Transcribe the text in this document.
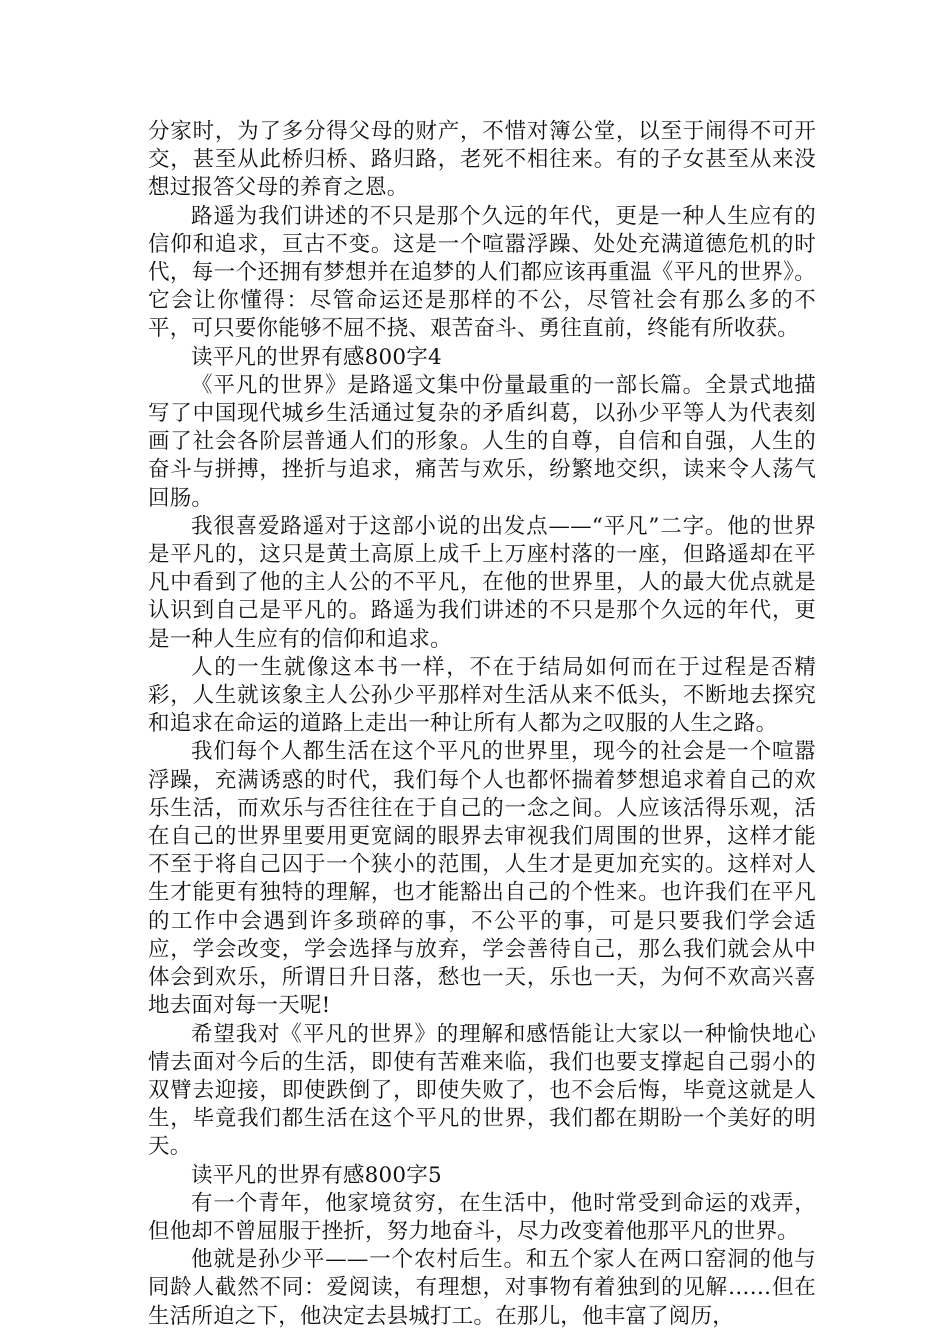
分家时，为了多分得父母的财产，不惜对簿公堂，以至于闹得不可开交，甚至从此桥归桥、路归路，老死不相往来。有的子女甚至从来没想过报答父母的养育之恩。

路遥为我们讲述的不只是那个久远的年代，更是一种人生应有的信仰和追求，亘古不变。这是一个喧嚣浮躁、处处充满道德危机的时代，每一个还拥有梦想并在追梦的人们都应该再重温《平凡的世界》。它会让你懂得：尽管命运还是那样的不公，尽管社会有那么多的不平，可只要你能够不屈不挠、艰苦奋斗、勇往直前，终能有所收获。

读平凡的世界有感800字4

《平凡的世界》是路遥文集中份量最重的一部长篇。全景式地描写了中国现代城乡生活通过复杂的矛盾纠葛，以孙少平等人为代表刻画了社会各阶层普通人们的形象。人生的自尊，自信和自强，人生的奋斗与拼搏，挫折与追求，痛苦与欢乐，纷繁地交织，读来令人荡气回肠。

我很喜爱路遥对于这部小说的出发点——“平凡”二字。他的世界是平凡的，这只是黄土高原上成千上万座村落的一座，但路遥却在平凡中看到了他的主人公的不平凡，在他的世界里，人的最大优点就是认识到自己是平凡的。路遥为我们讲述的不只是那个久远的年代，更是一种人生应有的信仰和追求。

人的一生就像这本书一样，不在于结局如何而在于过程是否精彩，人生就该象主人公孙少平那样对生活从来不低头，不断地去探究和追求在命运的道路上走出一种让所有人都为之叹服的人生之路。

我们每个人都生活在这个平凡的世界里，现今的社会是一个喧嚣浮躁，充满诱惑的时代，我们每个人也都怀揣着梦想追求着自己的欢乐生活，而欢乐与否往往在于自己的一念之间。人应该活得乐观，活在自己的世界里要用更宽阔的眼界去审视我们周围的世界，这样才能不至于将自己囚于一个狭小的范围，人生才是更加充实的。这样对人生才能更有独特的理解，也才能豁出自己的个性来。也许我们在平凡的工作中会遇到许多琐碎的事，不公平的事，可是只要我们学会适应，学会改变，学会选择与放弃，学会善待自己，那么我们就会从中体会到欢乐，所谓日升日落，愁也一天，乐也一天，为何不欢高兴喜地去面对每一天呢!

希望我对《平凡的世界》的理解和感悟能让大家以一种愉快地心情去面对今后的生活，即使有苦难来临，我们也要支撑起自己弱小的双臂去迎接，即使跌倒了，即使失败了，也不会后悔，毕竟这就是人生，毕竟我们都生活在这个平凡的世界，我们都在期盼一个美好的明天。

读平凡的世界有感800字5

有一个青年，他家境贫穷，在生活中，他时常受到命运的戏弄，但他却不曾屈服于挫折，努力地奋斗，尽力改变着他那平凡的世界。

他就是孙少平——一个农村后生。和五个家人在两口窑洞的他与同龄人截然不同：爱阅读，有理想，对事物有着独到的见解……但在生活所迫之下，他决定去县城打工。在那儿，他丰富了阅历，
